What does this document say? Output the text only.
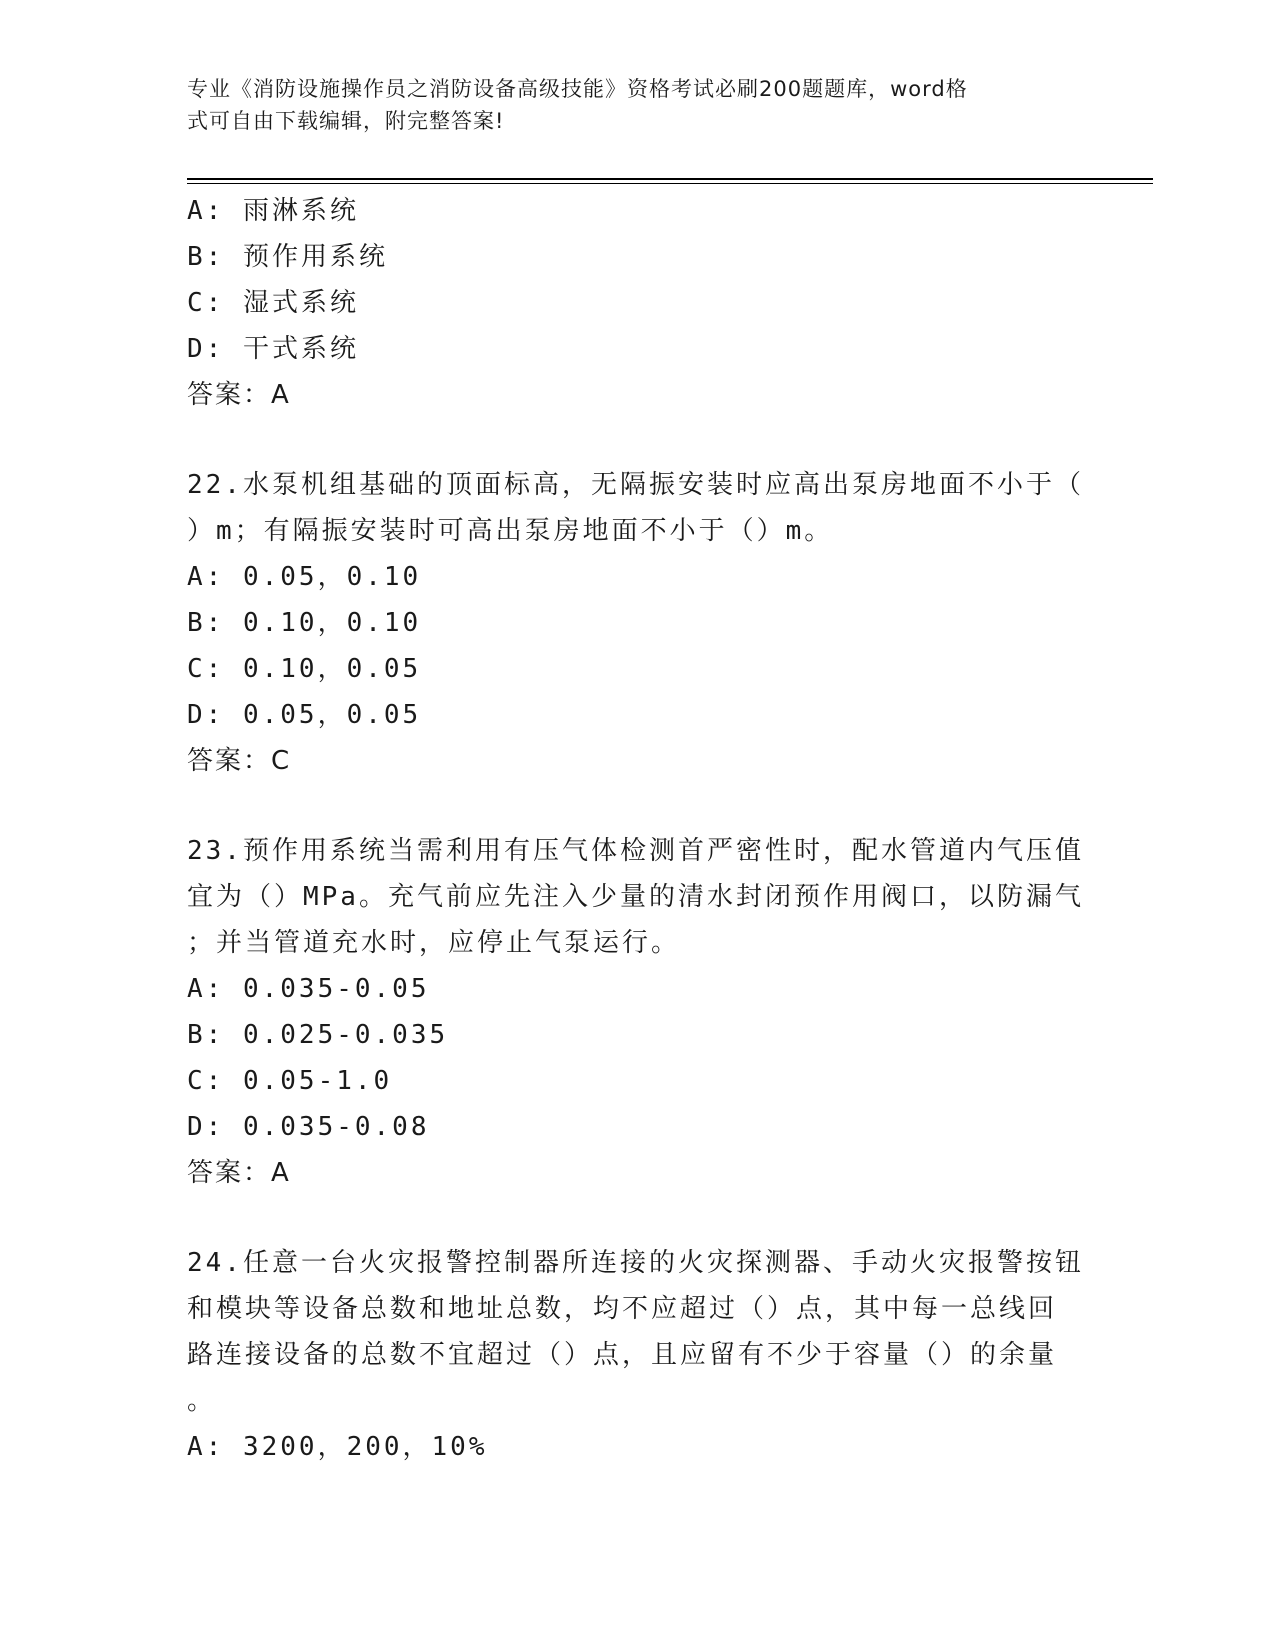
专业《消防设施操作员之消防设备高级技能》资格考试必刷200题题库，word格
式可自由下载编辑，附完整答案!
A: 雨淋系统
B: 预作用系统
C: 湿式系统
D: 干式系统
答案：A
22.水泵机组基础的顶面标高，无隔振安装时应高出泵房地面不小于（
）m；有隔振安装时可高出泵房地面不小于（）m。
A: 0.05，0.10
B: 0.10，0.10
C: 0.10，0.05
D: 0.05，0.05
答案：C
23.预作用系统当需利用有压气体检测首严密性时，配水管道内气压值
宜为（）MPa。充气前应先注入少量的清水封闭预作用阀口，以防漏气
；并当管道充水时，应停止气泵运行。
A: 0.035-0.05
B: 0.025-0.035
C: 0.05-1.0
D: 0.035-0.08
答案：A
24.任意一台火灾报警控制器所连接的火灾探测器、手动火灾报警按钮
和模块等设备总数和地址总数，均不应超过（）点，其中每一总线回
路连接设备的总数不宜超过（）点，且应留有不少于容量（）的余量
。
A: 3200，200，10%
